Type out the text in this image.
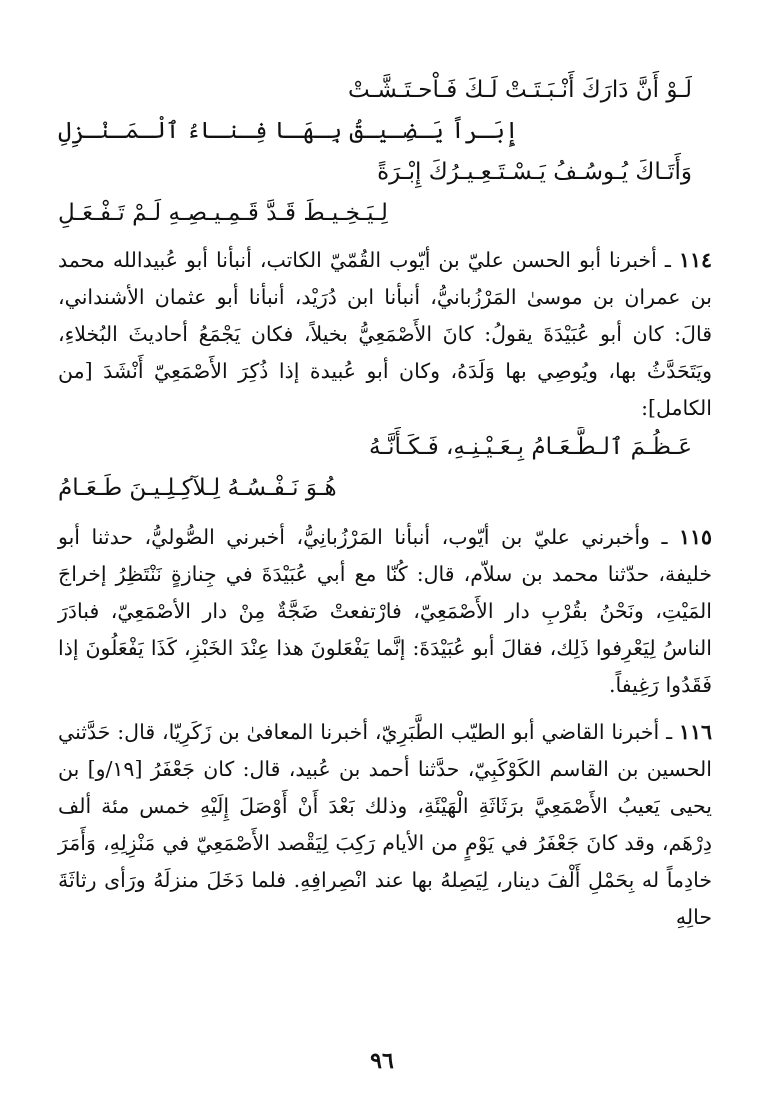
لَـوْ أَنَّ دَارَكَ أَنْـبَـتَـتْ لَـكَ فَـاْحـتَـشَّـتْ
إِبَـراً يَـضِـيـقُ بِـهَـا فِـنـاءُ ٱلْـمَـنْـزِلِ
وَأَتَـاكَ يُـوسُـفُ يَـسْـتَـعِـيـرُكَ إِبْـرَةً
لِـيَـخِـيـطَ قَـدَّ قَـمِـيـصِـهِ لَـمْ تَـفْـعَـلِ

١١٤ ـ أخبرنا أبو الحسن عليّ بن أيّوب القُمّيّ الكاتب، أنبأنا أبو عُبيدالله محمد بن عمران بن موسىٰ المَرْزُبانيُّ، أنبأنا ابن دُرَيْد، أنبأنا أبو عثمان الأشنداني، قالَ: كان أبو عُبَيْدَةَ يقولُ: كانَ الأَصْمَعِيُّ بخيلاً، فكان يَجْمَعُ أحاديثَ البُخلاءِ، ويَتَحَدَّثُ بها، ويُوصِي بها وَلَدَهُ، وكان أبو عُبيدة إذا ذُكِرَ الأَصْمَعِيّ أَنْشَدَ [من الكامل]:

عَـظُـمَ ٱلـطَّـعَـامُ بِـعَـيْـنِـهِ، فَـكَـأَنَّـهُ
هُـوَ نَـفْـسُـهُ لِـلآكِـلِـيـنَ طَـعَـامُ

١١٥ ـ وأخبرني عليّ بن أيّوب، أنبأنا المَرْزُبانِيُّ، أخبرني الصُّوليُّ، حدثنا أبو خليفة، حدّثنا محمد بن سلاّم، قال: كُنّا مع أبي عُبَيْدَةَ في جِنازةٍ نَنْتَظِرُ إخراجَ المَيْتِ، ونَحْنُ بقُرْبِ دار الأَصْمَعِيّ، فارْتفعتْ ضَجَّةٌ مِنْ دار الأصْمَعِيّ، فبادَرَ الناسُ لِيَعْرِفوا ذَلِك، فقالَ أبو عُبَيْدَةَ: إنَّما يَفْعَلونَ هذا عِنْدَ الخَبْزِ، كَذَا يَفْعَلُونَ إذا فَقَدُوا رَغِيفاً.

١١٦ ـ أخبرنا القاضي أبو الطيّب الطَّبَرِيّ، أخبرنا المعافىٰ بن زَكَرِيّا، قال: حَدَّثني الحسين بن القاسم الكَوْكَبِيّ، حدَّثنا أحمد بن عُبيد، قال: كان جَعْفَرُ [١٩/و] بن يحيى يَعيبُ الأَصْمَعِيَّ برَثَاثَةِ الْهَيْئَةِ، وذلك بَعْدَ أَنْ أَوْصَلَ إِلَيْهِ خمس مئة ألف دِرْهَم، وقد كانَ جَعْفَرُ في يَوْمٍ من الأيام رَكِبَ لِيَقْصد الأَصْمَعِيّ في مَنْزِلِهِ، وَأَمَرَ خادِماً له بِحَمْلِ أَلْفَ دينار، لِيَصِلهُ بها عند انْصِرافِهِ. فلما دَخَلَ منزلَهُ ورَأى رثاثَةَ حالِهِ

٩٦
